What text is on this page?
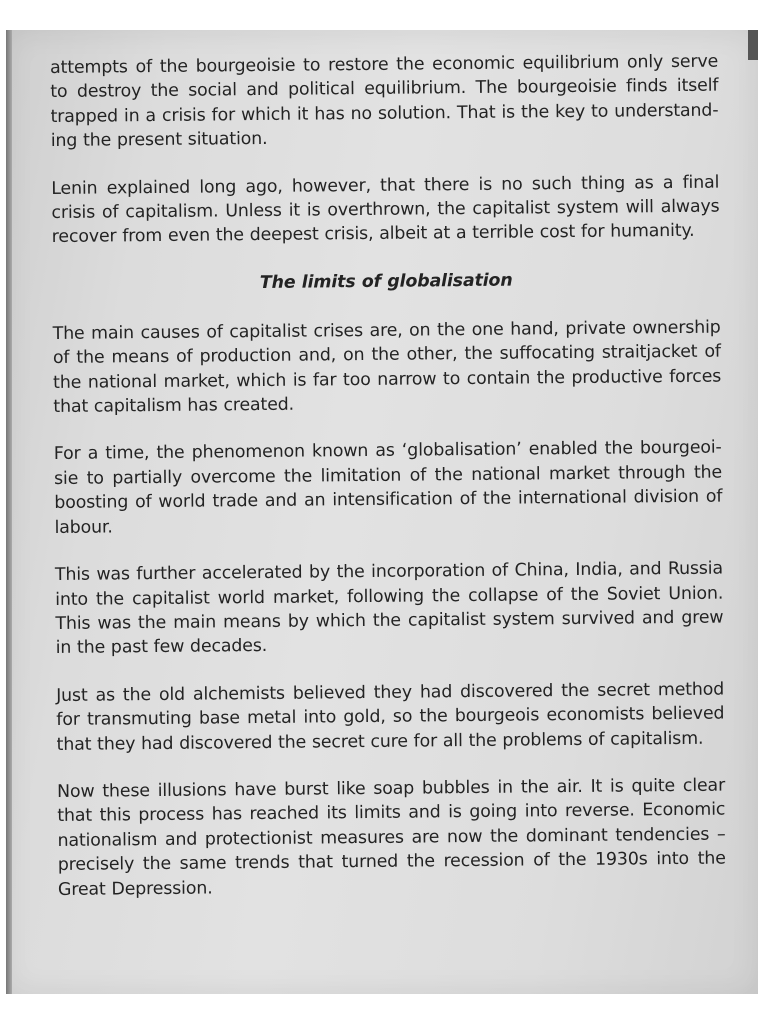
attempts of the bourgeoisie to restore the economic equilibrium only serve to destroy the social and political equilibrium. The bourgeoisie finds itself trapped in a crisis for which it has no solution. That is the key to understanding the present situation.

Lenin explained long ago, however, that there is no such thing as a final crisis of capitalism. Unless it is overthrown, the capitalist system will always recover from even the deepest crisis, albeit at a terrible cost for humanity.

The limits of globalisation

The main causes of capitalist crises are, on the one hand, private ownership of the means of production and, on the other, the suffocating straitjacket of the national market, which is far too narrow to contain the productive forces that capitalism has created.

For a time, the phenomenon known as ‘globalisation’ enabled the bourgeoisie to partially overcome the limitation of the national market through the boosting of world trade and an intensification of the international division of labour.

This was further accelerated by the incorporation of China, India, and Russia into the capitalist world market, following the collapse of the Soviet Union. This was the main means by which the capitalist system survived and grew in the past few decades.

Just as the old alchemists believed they had discovered the secret method for transmuting base metal into gold, so the bourgeois economists believed that they had discovered the secret cure for all the problems of capitalism.

Now these illusions have burst like soap bubbles in the air. It is quite clear that this process has reached its limits and is going into reverse. Economic nationalism and protectionist measures are now the dominant tendencies – precisely the same trends that turned the recession of the 1930s into the Great Depression.
